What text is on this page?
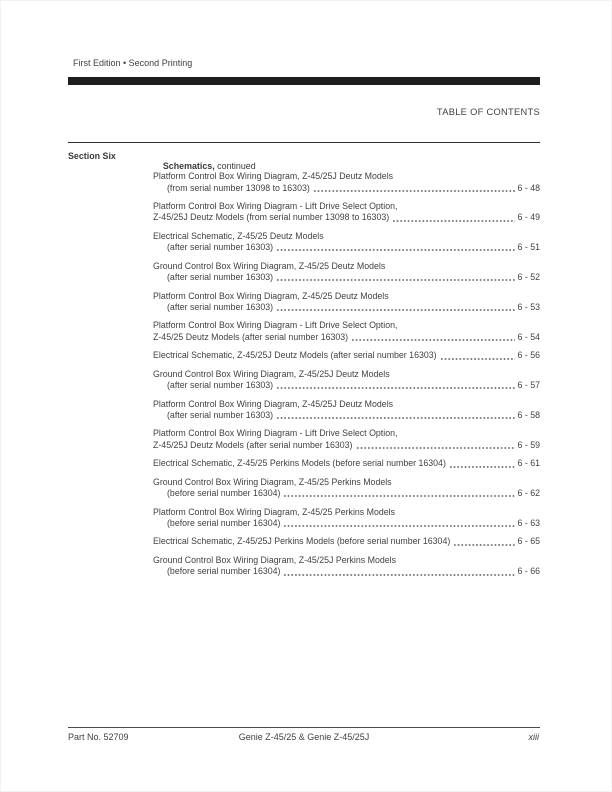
First Edition • Second Printing
TABLE OF CONTENTS
Section Six

Schematics, continued

Platform Control Box Wiring Diagram, Z-45/25J Deutz Models
(from serial number 13098 to 16303)	6 - 48
Platform Control Box Wiring Diagram - Lift Drive Select Option,
Z-45/25J Deutz Models (from serial number 13098 to 16303)	6 - 49
Electrical Schematic, Z-45/25 Deutz Models
(after serial number 16303)	6 - 51
Ground Control Box Wiring Diagram, Z-45/25 Deutz Models
(after serial number 16303)	6 - 52
Platform Control Box Wiring Diagram, Z-45/25 Deutz Models
(after serial number 16303)	6 - 53
Platform Control Box Wiring Diagram - Lift Drive Select Option,
Z-45/25 Deutz Models (after serial number 16303)	6 - 54
Electrical Schematic, Z-45/25J Deutz Models (after serial number 16303)	6 - 56
Ground Control Box Wiring Diagram, Z-45/25J Deutz Models
(after serial number 16303)	6 - 57
Platform Control Box Wiring Diagram, Z-45/25J Deutz Models
(after serial number 16303)	6 - 58
Platform Control Box Wiring Diagram - Lift Drive Select Option,
Z-45/25J Deutz Models (after serial number 16303)	6 - 59
Electrical Schematic, Z-45/25 Perkins Models (before serial number 16304)	6 - 61
Ground Control Box Wiring Diagram, Z-45/25 Perkins Models
(before serial number 16304)	6 - 62
Platform Control Box Wiring Diagram, Z-45/25 Perkins Models
(before serial number 16304)	6 - 63
Electrical Schematic, Z-45/25J Perkins Models (before serial number 16304)	6 - 65
Ground Control Box Wiring Diagram, Z-45/25J Perkins Models
(before serial number 16304)	6 - 66
Part No. 52709	Genie Z-45/25 & Genie Z-45/25J	xiii
